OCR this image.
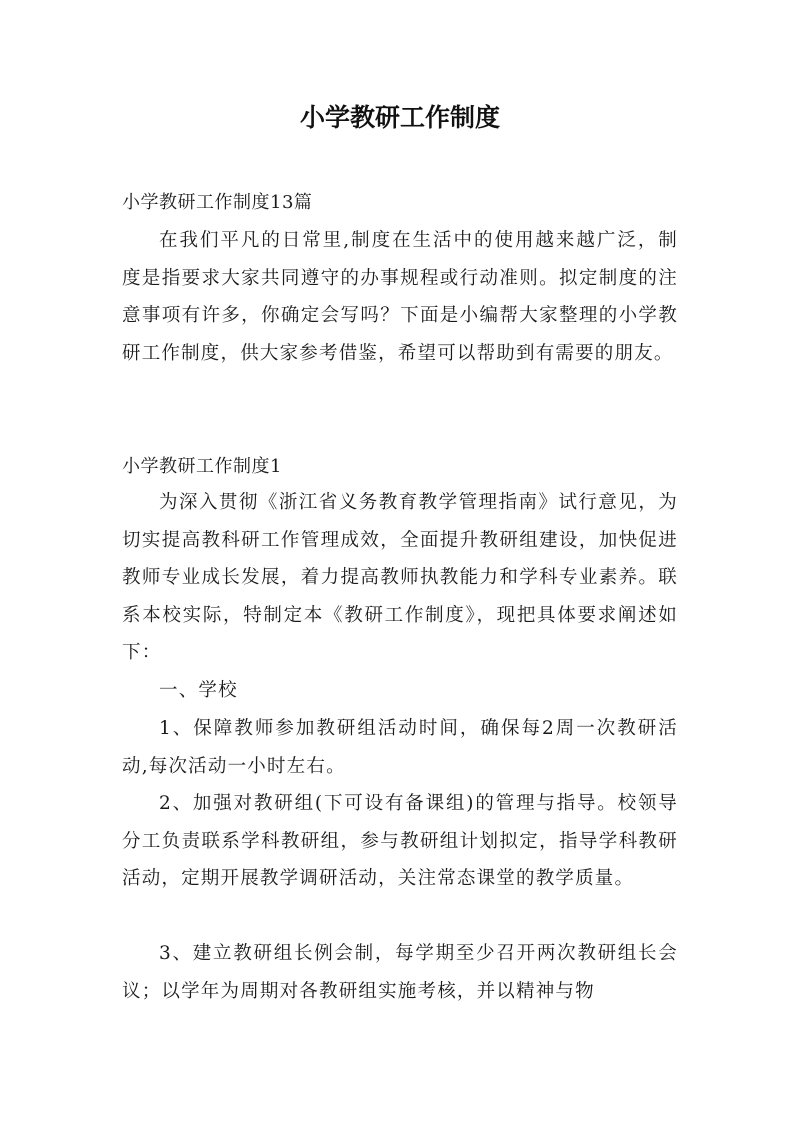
小学教研工作制度
小学教研工作制度13篇

在我们平凡的日常里,制度在生活中的使用越来越广泛，制度是指要求大家共同遵守的办事规程或行动准则。拟定制度的注意事项有许多，你确定会写吗？下面是小编帮大家整理的小学教研工作制度，供大家参考借鉴，希望可以帮助到有需要的朋友。

小学教研工作制度1

为深入贯彻《浙江省义务教育教学管理指南》试行意见，为切实提高教科研工作管理成效，全面提升教研组建设，加快促进教师专业成长发展，着力提高教师执教能力和学科专业素养。联系本校实际，特制定本《教研工作制度》，现把具体要求阐述如下：

一、学校

1、保障教师参加教研组活动时间，确保每2周一次教研活动,每次活动一小时左右。

2、加强对教研组(下可设有备课组)的管理与指导。校领导分工负责联系学科教研组，参与教研组计划拟定，指导学科教研活动，定期开展教学调研活动，关注常态课堂的教学质量。

3、建立教研组长例会制，每学期至少召开两次教研组长会议；以学年为周期对各教研组实施考核，并以精神与物
